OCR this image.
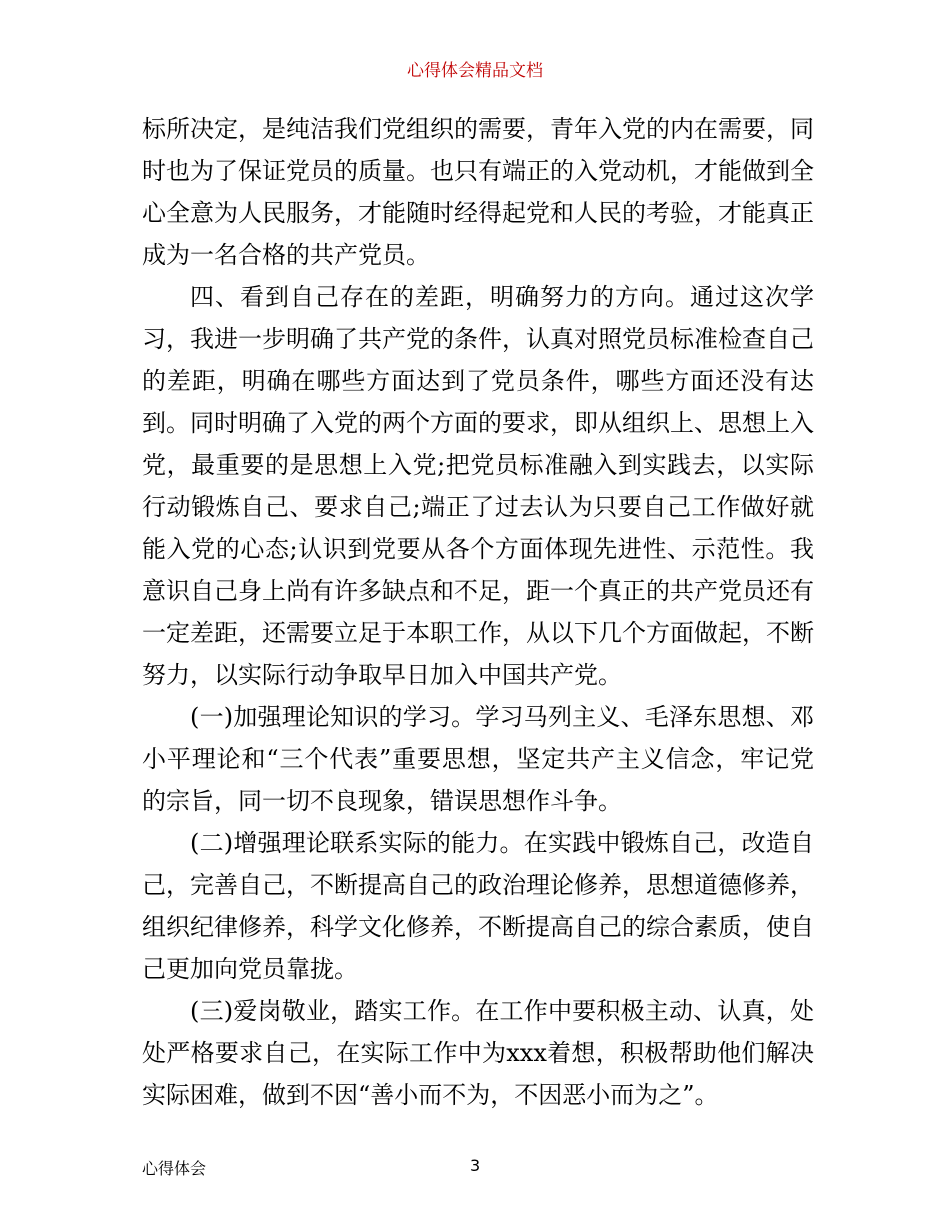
心得体会精品文档

标所决定，是纯洁我们党组织的需要，青年入党的内在需要，同时也为了保证党员的质量。也只有端正的入党动机，才能做到全心全意为人民服务，才能随时经得起党和人民的考验，才能真正成为一名合格的共产党员。

四、看到自己存在的差距，明确努力的方向。通过这次学习，我进一步明确了共产党的条件，认真对照党员标准检查自己的差距，明确在哪些方面达到了党员条件，哪些方面还没有达到。同时明确了入党的两个方面的要求，即从组织上、思想上入党，最重要的是思想上入党;把党员标准融入到实践去，以实际行动锻炼自己、要求自己;端正了过去认为只要自己工作做好就能入党的心态;认识到党要从各个方面体现先进性、示范性。我意识自己身上尚有许多缺点和不足，距一个真正的共产党员还有一定差距，还需要立足于本职工作，从以下几个方面做起，不断努力，以实际行动争取早日加入中国共产党。

(一)加强理论知识的学习。学习马列主义、毛泽东思想、邓小平理论和“三个代表”重要思想，坚定共产主义信念，牢记党的宗旨，同一切不良现象，错误思想作斗争。

(二)增强理论联系实际的能力。在实践中锻炼自己，改造自己，完善自己，不断提高自己的政治理论修养，思想道德修养，组织纪律修养，科学文化修养，不断提高自己的综合素质，使自己更加向党员靠拢。

(三)爱岗敬业，踏实工作。在工作中要积极主动、认真，处处严格要求自己，在实际工作中为xxx着想，积极帮助他们解决实际困难，做到不因“善小而不为，不因恶小而为之”。

心得体会	3
